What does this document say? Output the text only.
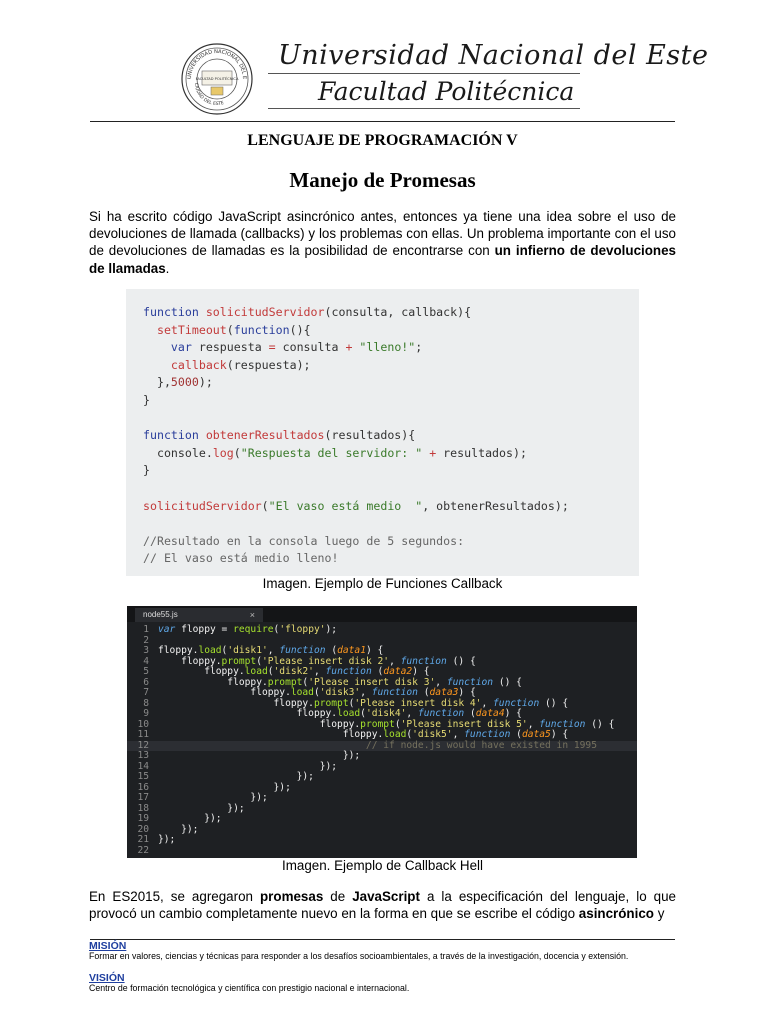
UNIVERSIDAD NACIONAL DEL E
CIUDAD DEL ESTE
FACULTAD POLITÉCNICA
Universidad Nacional del Este
Facultad Politécnica
LENGUAJE DE PROGRAMACIÓN V
Manejo de Promesas
Si ha escrito código JavaScript asincrónico antes, entonces ya tiene una idea sobre el uso de devoluciones de llamada (callbacks) y los problemas con ellas. Un problema importante con el uso de devoluciones de llamadas es la posibilidad de encontrarse con un infierno de devoluciones de llamadas.
function solicitudServidor(consulta, callback){
setTimeout(function(){
var respuesta = consulta + "lleno!";
callback(respuesta);
},5000);
}

function obtenerResultados(resultados){
console.log("Respuesta del servidor: " + resultados);
}

solicitudServidor("El vaso está medio  ", obtenerResultados);

//Resultado en la consola luego de 5 segundos:
// El vaso está medio lleno!
Imagen. Ejemplo de Funciones Callback
node55.js	×
1
2
3
4
5
6
7
8
9
10
11
12
13
14
15
16
17
18
19
20
21
22
var floppy = require('floppy');

floppy.load('disk1', function (data1) {
floppy.prompt('Please insert disk 2', function () {
floppy.load('disk2', function (data2) {
floppy.prompt('Please insert disk 3', function () {
floppy.load('disk3', function (data3) {
floppy.prompt('Please insert disk 4', function () {
floppy.load('disk4', function (data4) {
floppy.prompt('Please insert disk 5', function () {
floppy.load('disk5', function (data5) {
// if node.js would have existed in 1995
});
});
});
});
});
});
});
});
});

Imagen. Ejemplo de Callback Hell
En ES2015, se agregaron promesas de JavaScript a la especificación del lenguaje, lo que provocó un cambio completamente nuevo en la forma en que se escribe el código asincrónico y
MISIÓN
Formar en valores, ciencias y técnicas para responder a los desafíos socioambientales, a través de la investigación, docencia y extensión.
VISIÓN
Centro de formación tecnológica y científica con prestigio nacional e internacional.
